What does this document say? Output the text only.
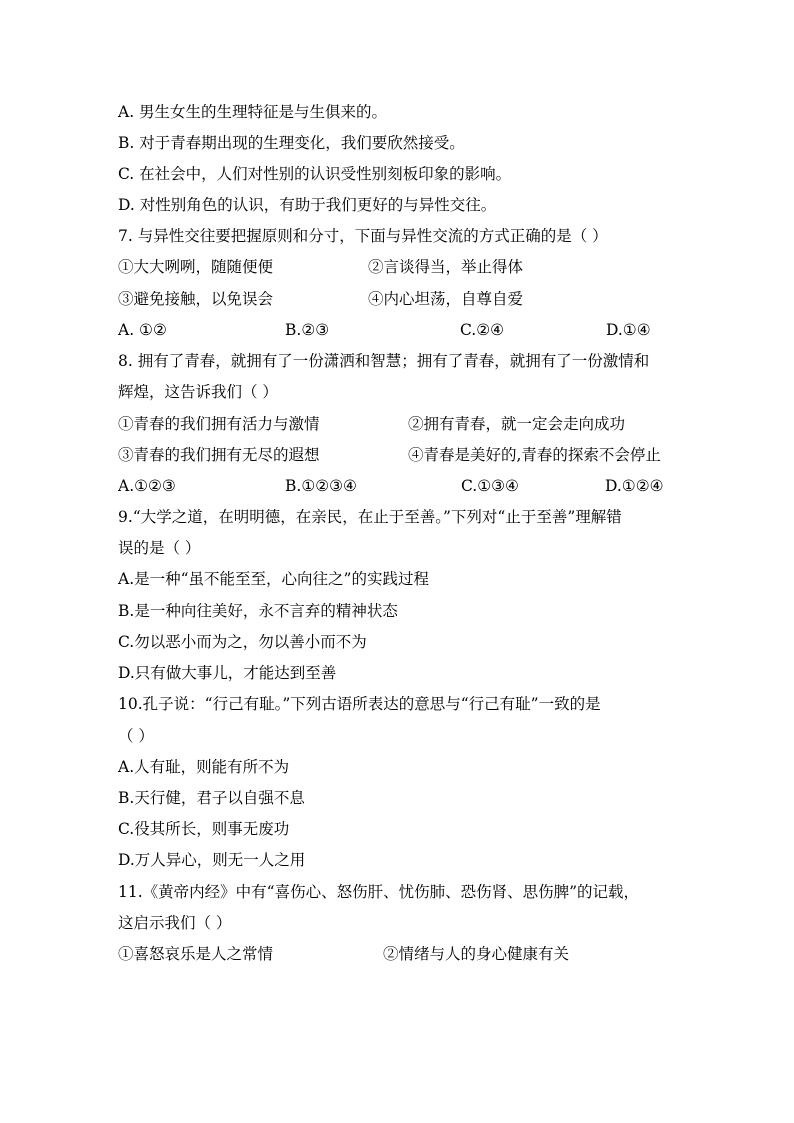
A. 男生女生的生理特征是与生俱来的。
B. 对于青春期出现的生理变化，我们要欣然接受。
C. 在社会中，人们对性别的认识受性别刻板印象的影响。
D. 对性别角色的认识，有助于我们更好的与异性交往。
7. 与异性交往要把握原则和分寸，下面与异性交流的方式正确的是（ ）
①大大咧咧，随随便便	②言谈得当，举止得体
③避免接触，以免误会	④内心坦荡，自尊自爱
A. ①②	B.②③	C.②④	D.①④
8. 拥有了青春，就拥有了一份潇洒和智慧；拥有了青春，就拥有了一份激情和
辉煌，这告诉我们（ ）
①青春的我们拥有活力与激情	②拥有青春，就一定会走向成功
③青春的我们拥有无尽的遐想	④青春是美好的,青春的探索不会停止
A.①②③	B.①②③④	C.①③④	D.①②④
9.“大学之道，在明明德，在亲民，在止于至善。”下列对“止于至善”理解错
误的是（ ）
A.是一种“虽不能至至，心向往之”的实践过程
B.是一种向往美好，永不言弃的精神状态
C.勿以恶小而为之，勿以善小而不为
D.只有做大事儿，才能达到至善
10.孔子说：“行己有耻。”下列古语所表达的意思与“行己有耻”一致的是
（ ）
A.人有耻，则能有所不为
B.天行健，君子以自强不息
C.役其所长，则事无废功
D.万人异心，则无一人之用
11.《黄帝内经》中有“喜伤心、怒伤肝、忧伤肺、恐伤肾、思伤脾”的记载，
这启示我们（ ）
①喜怒哀乐是人之常情	②情绪与人的身心健康有关
